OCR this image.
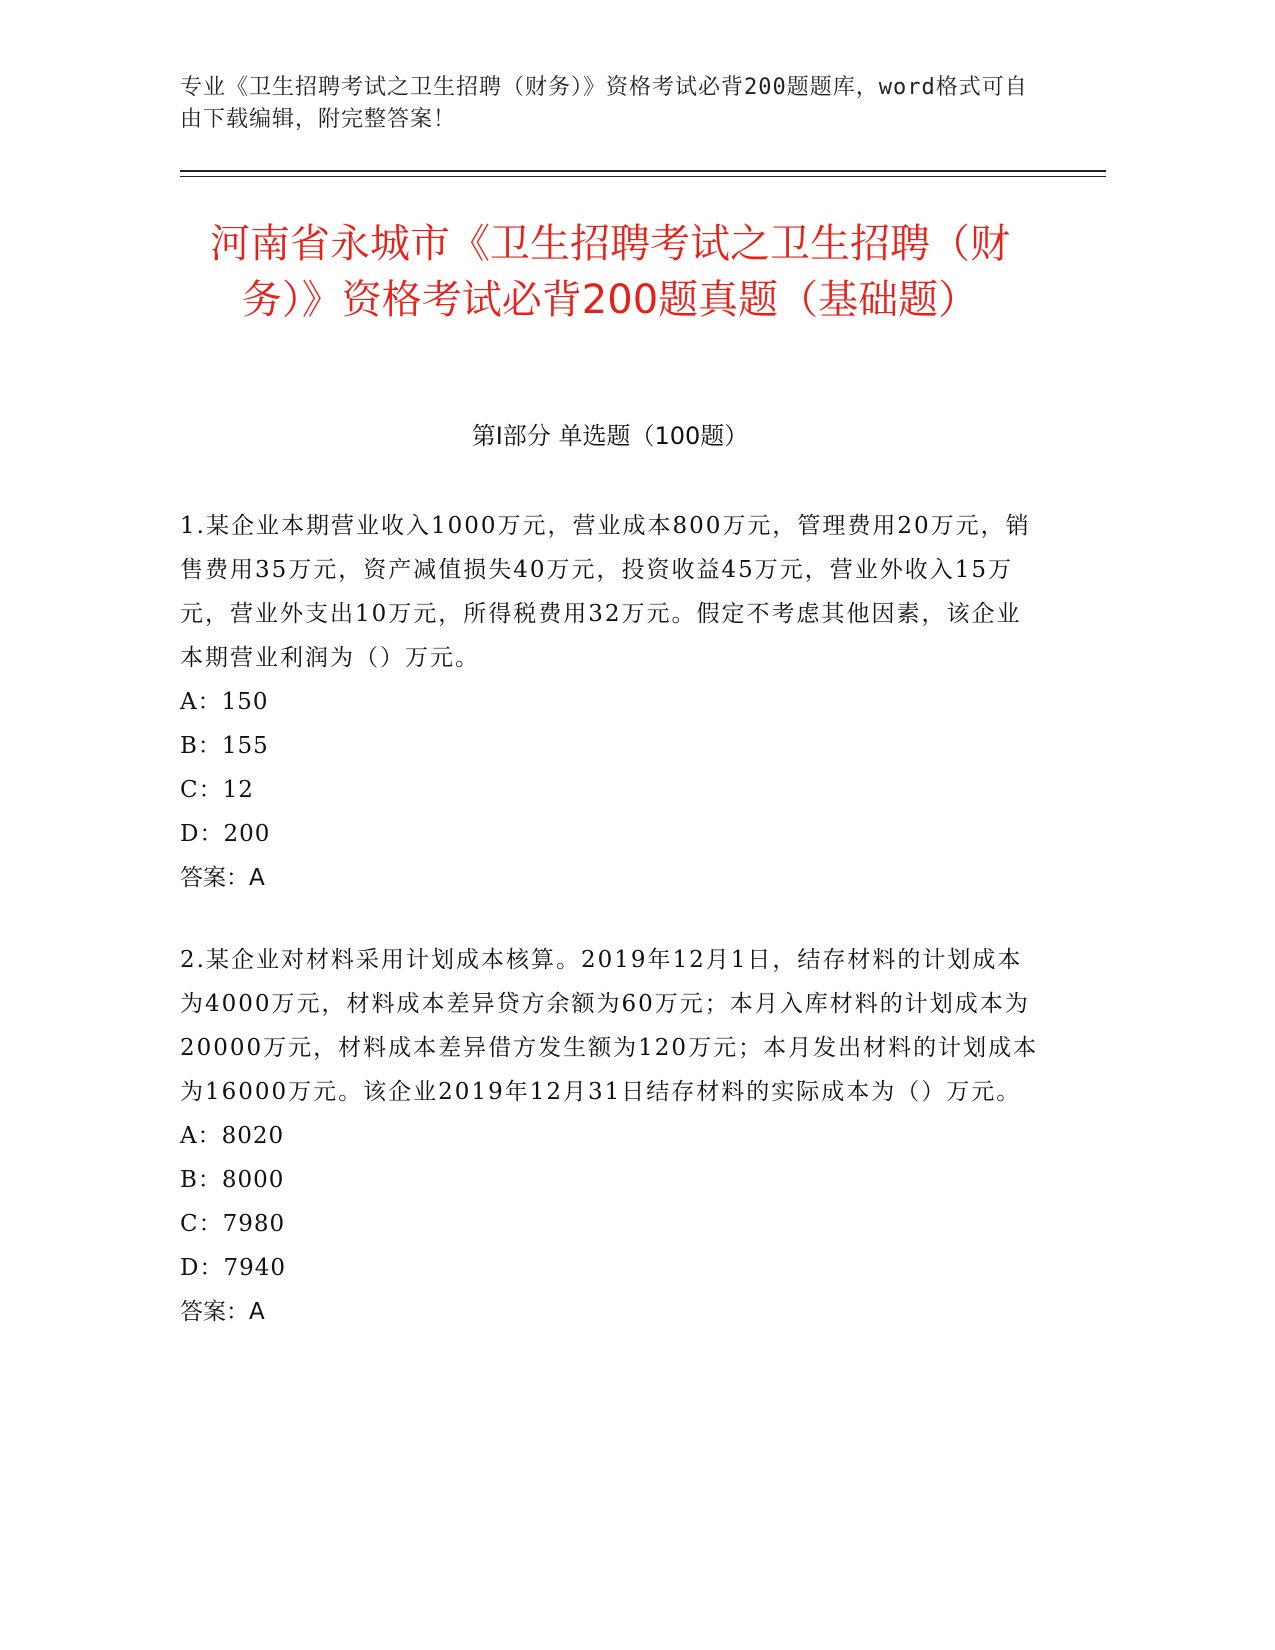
专业《卫生招聘考试之卫生招聘（财务）》资格考试必背200题题库，word格式可自由下载编辑，附完整答案！
河南省永城市《卫生招聘考试之卫生招聘（财务）》资格考试必背200题真题（基础题）
第I部分 单选题（100题）

1.某企业本期营业收入1000万元，营业成本800万元，管理费用20万元，销售费用35万元，资产减值损失40万元，投资收益45万元，营业外收入15万元，营业外支出10万元，所得税费用32万元。假定不考虑其他因素，该企业本期营业利润为（）万元。

A：150

B：155

C：12

D：200

答案：A

2.某企业对材料采用计划成本核算。2019年12月1日，结存材料的计划成本为4000万元，材料成本差异贷方余额为60万元；本月入库材料的计划成本为20000万元，材料成本差异借方发生额为120万元；本月发出材料的计划成本为16000万元。该企业2019年12月31日结存材料的实际成本为（）万元。

A：8020

B：8000

C：7980

D：7940

答案：A
